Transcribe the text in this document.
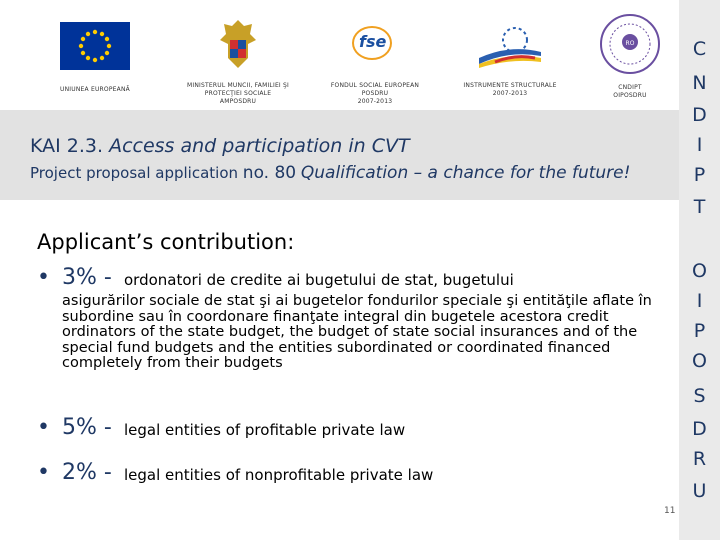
UNIUNEA EUROPEANĂ
MINISTERUL MUNCII, FAMILIEI ŞI
PROTECŢIEI SOCIALE
AMPOSDRU
fse
FONDUL SOCIAL EUROPEAN
POSDRU
2007-2013
INSTRUMENTE STRUCTURALE
2007-2013
RO
CNDIPT
OIPOSDRU
KAI 2.3. Access and participation in CVT
Project proposal application no. 80 Qualification – a chance for the future!
C
N
D
I
P
T
O
I
P
O
S
D
R
U
Applicant’s contribution:
• 3% - ordonatori de credite ai bugetului de stat, bugetului
asigurărilor sociale de stat şi ai bugetelor fondurilor speciale şi entităţile aflate în subordine sau în coordonare finanţate integral din bugetele acestora credit ordinators of the state budget, the budget of state social insurances and of the special fund budgets and the entities subordinated or coordinated financed completely from their budgets
• 5% - legal entities of profitable private law
• 2% - legal entities of nonprofitable private law
11
